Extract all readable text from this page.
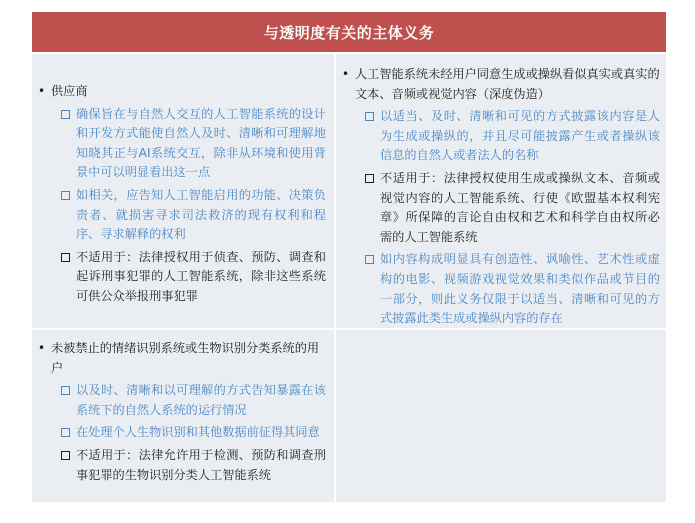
与透明度有关的主体义务
• 供应商
确保旨在与自然人交互的人工智能系统的设计和开发方式能使自然人及时、清晰和可理解地知晓其正与AI系统交互，除非从环境和使用背景中可以明显看出这一点
如相关，应告知人工智能启用的功能、决策负责者、就损害寻求司法救济的现有权利和程序、寻求解释的权利
不适用于：法律授权用于侦查、预防、调查和起诉刑事犯罪的人工智能系统，除非这些系统可供公众举报刑事犯罪
• 人工智能系统未经用户同意生成或操纵看似真实或真实的文本、音频或视觉内容（深度伪造）
以适当、及时、清晰和可见的方式披露该内容是人为生成或操纵的，并且尽可能披露产生或者操纵该信息的自然人或者法人的名称
不适用于：法律授权使用生成或操纵文本、音频或视觉内容的人工智能系统、行使《欧盟基本权利宪章》所保障的言论自由权和艺术和科学自由权所必需的人工智能系统
如内容构成明显具有创造性、讽喻性、艺术性或虚构的电影、视频游戏视觉效果和类似作品或节目的一部分，则此义务仅限于以适当、清晰和可见的方式披露此类生成或操纵内容的存在
• 未被禁止的情绪识别系统或生物识别分类系统的用户
以及时、清晰和以可理解的方式告知暴露在该系统下的自然人系统的运行情况
在处理个人生物识别和其他数据前征得其同意
不适用于：法律允许用于检测、预防和调查刑事犯罪的生物识别分类人工智能系统
